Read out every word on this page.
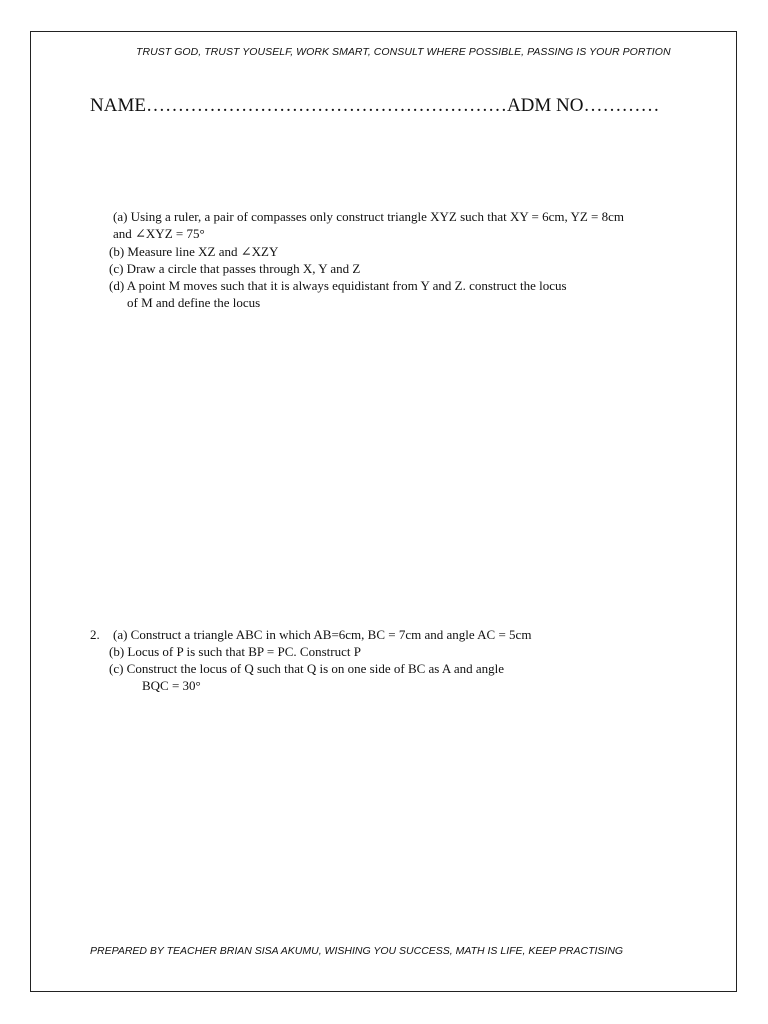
TRUST GOD, TRUST YOUSELF, WORK SMART, CONSULT WHERE POSSIBLE, PASSING IS YOUR PORTION
NAME…………………………………………………ADM NO…………
(a) Using a ruler, a pair of compasses only construct triangle XYZ such that XY = 6cm, YZ = 8cm
and ∠XYZ = 75°
(b) Measure line XZ and ∠XZY
(c) Draw a circle that passes through X, Y and Z
(d) A point M moves such that it is always equidistant from Y and Z. construct the locus
of M and define the locus
2. (a) Construct a triangle ABC in which AB=6cm, BC = 7cm and angle AC = 5cm
(b) Locus of P is such that BP = PC. Construct P
(c) Construct the locus of Q such that Q is on one side of BC as A and angle
BQC = 30°
PREPARED BY TEACHER BRIAN SISA AKUMU, WISHING YOU SUCCESS, MATH IS LIFE, KEEP PRACTISING
